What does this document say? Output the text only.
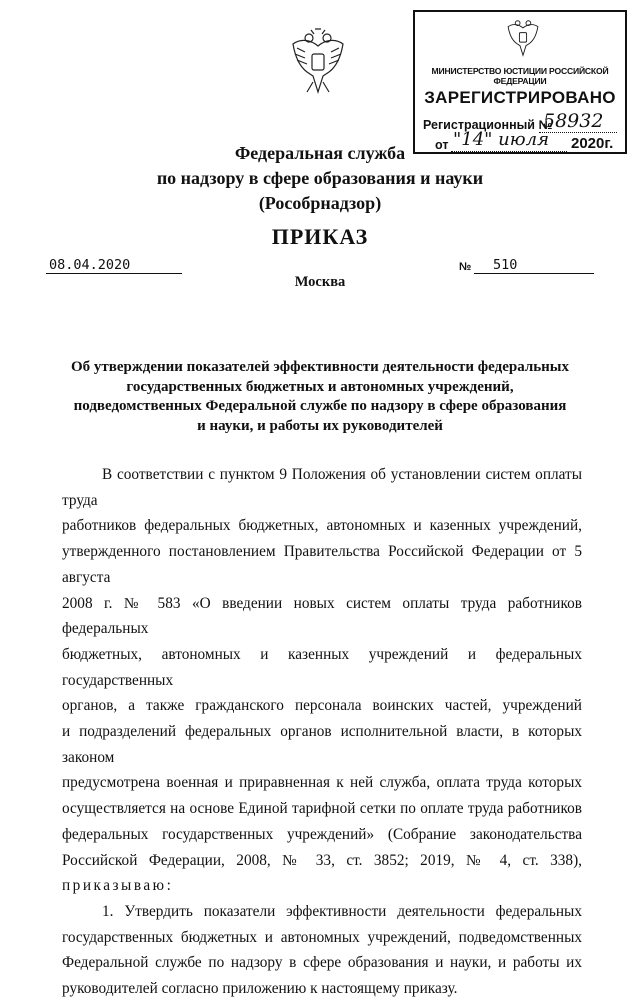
МИНИСТЕРСТВО ЮСТИЦИИ РОССИЙСКОЙ ФЕДЕРАЦИИ
ЗАРЕГИСТРИРОВАНО
Регистрационный №
58932
от "14" июля 2020г.
Федеральная служба
по надзору в сфере образования и науки
(Рособрнадзор)
ПРИКАЗ
08.04.2020	№	510
Москва
Об утверждении показателей эффективности деятельности федеральных
государственных бюджетных и автономных учреждений,
подведомственных Федеральной службе по надзору в сфере образования
и науки, и работы их руководителей
В соответствии с пунктом 9 Положения об установлении систем оплаты труда
работников федеральных бюджетных, автономных и казенных учреждений,
утвержденного постановлением Правительства Российской Федерации от 5 августа
2008 г. № 583 «О введении новых систем оплаты труда работников федеральных
бюджетных, автономных и казенных учреждений и федеральных государственных
органов, а также гражданского персонала воинских частей, учреждений
и подразделений федеральных органов исполнительной власти, в которых законом
предусмотрена военная и приравненная к ней служба, оплата труда которых
осуществляется на основе Единой тарифной сетки по оплате труда работников
федеральных государственных учреждений» (Собрание законодательства
Российской Федерации, 2008, № 33, ст. 3852; 2019, № 4, ст. 338), приказываю:
1. Утвердить показатели эффективности деятельности федеральных
государственных бюджетных и автономных учреждений, подведомственных
Федеральной службе по надзору в сфере образования и науки, и работы их
руководителей согласно приложению к настоящему приказу.
